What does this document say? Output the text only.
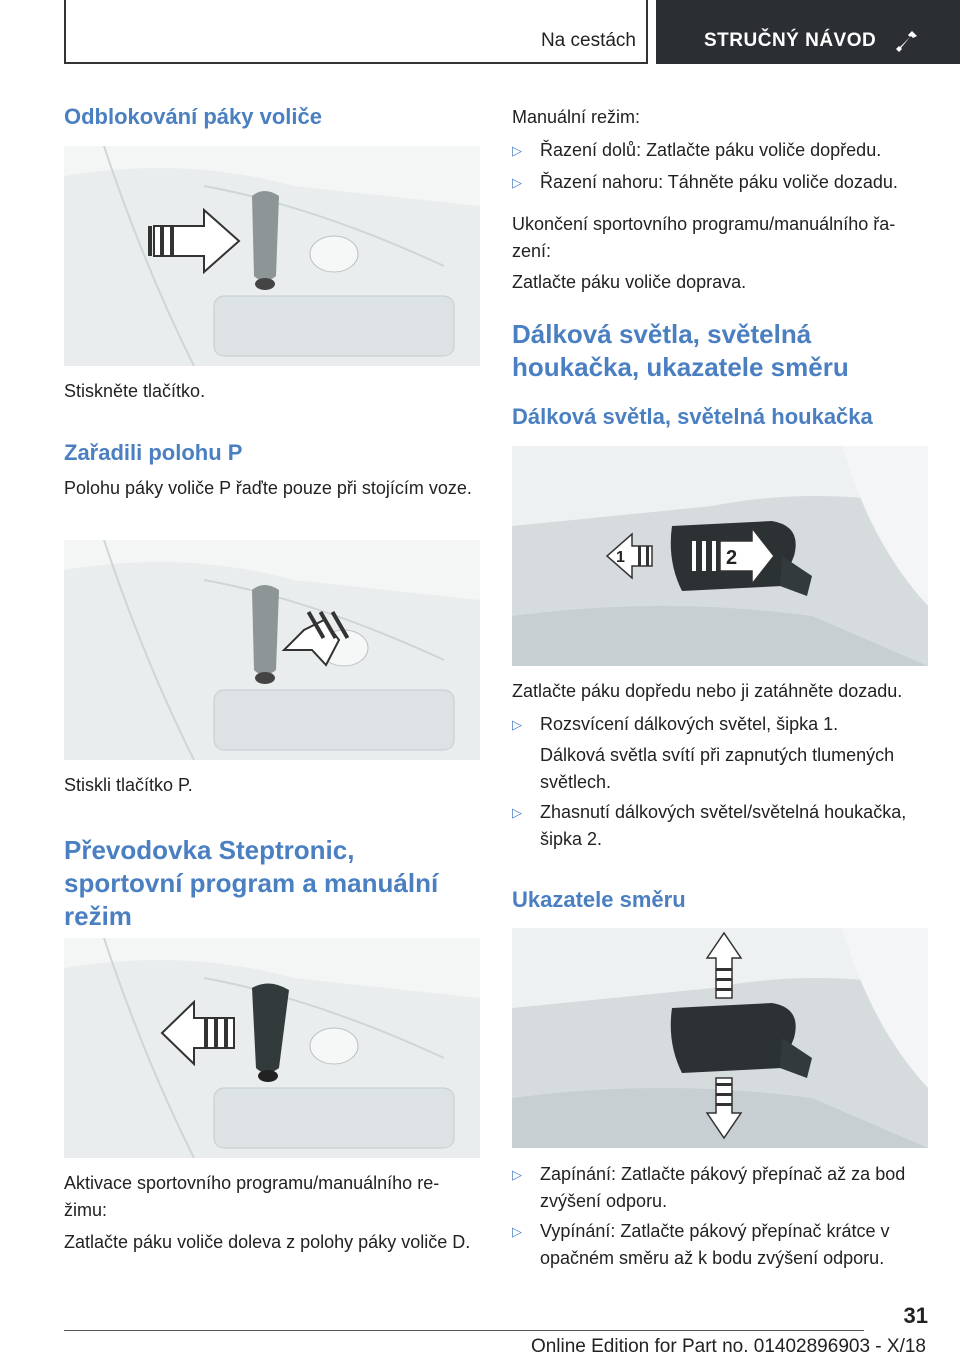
Na cestách	STRUČNÝ NÁVOD
Odblokování páky voliče

Stiskněte tlačítko.

Zařadili polohu P

Polohu páky voliče P řaďte pouze při stojícím voze.

Stiskli tlačítko P.

Převodovka Steptronic, sportovní program a manuální režim

Aktivace sportovního programu/manuálního re-žimu:

Zatlačte páku voliče doleva z polohy páky voliče D.

Manuální režim:

▷ Řazení dolů: Zatlačte páku voliče dopředu.
▷ Řazení nahoru: Táhněte páku voliče dozadu.

Ukončení sportovního programu/manuálního řa-zení:

Zatlačte páku voliče doprava.

Dálková světla, světelná houkačka, ukazatele směru
Dálková světla, světelná houkačka
1	2

Zatlačte páku dopředu nebo ji zatáhněte dozadu.

▷ Rozsvícení dálkových světel, šipka 1.

Dálková světla svítí při zapnutých tlumených světlech.

▷ Zhasnutí dálkových světel/světelná houkačka, šipka 2.
Ukazatele směru
▷ Zapínání: Zatlačte pákový přepínač až za bod zvýšení odporu.
▷ Vypínání: Zatlačte pákový přepínač krátce v opačném směru až k bodu zvýšení odporu.
31
Online Edition for Part no. 01402896903 - X/18
